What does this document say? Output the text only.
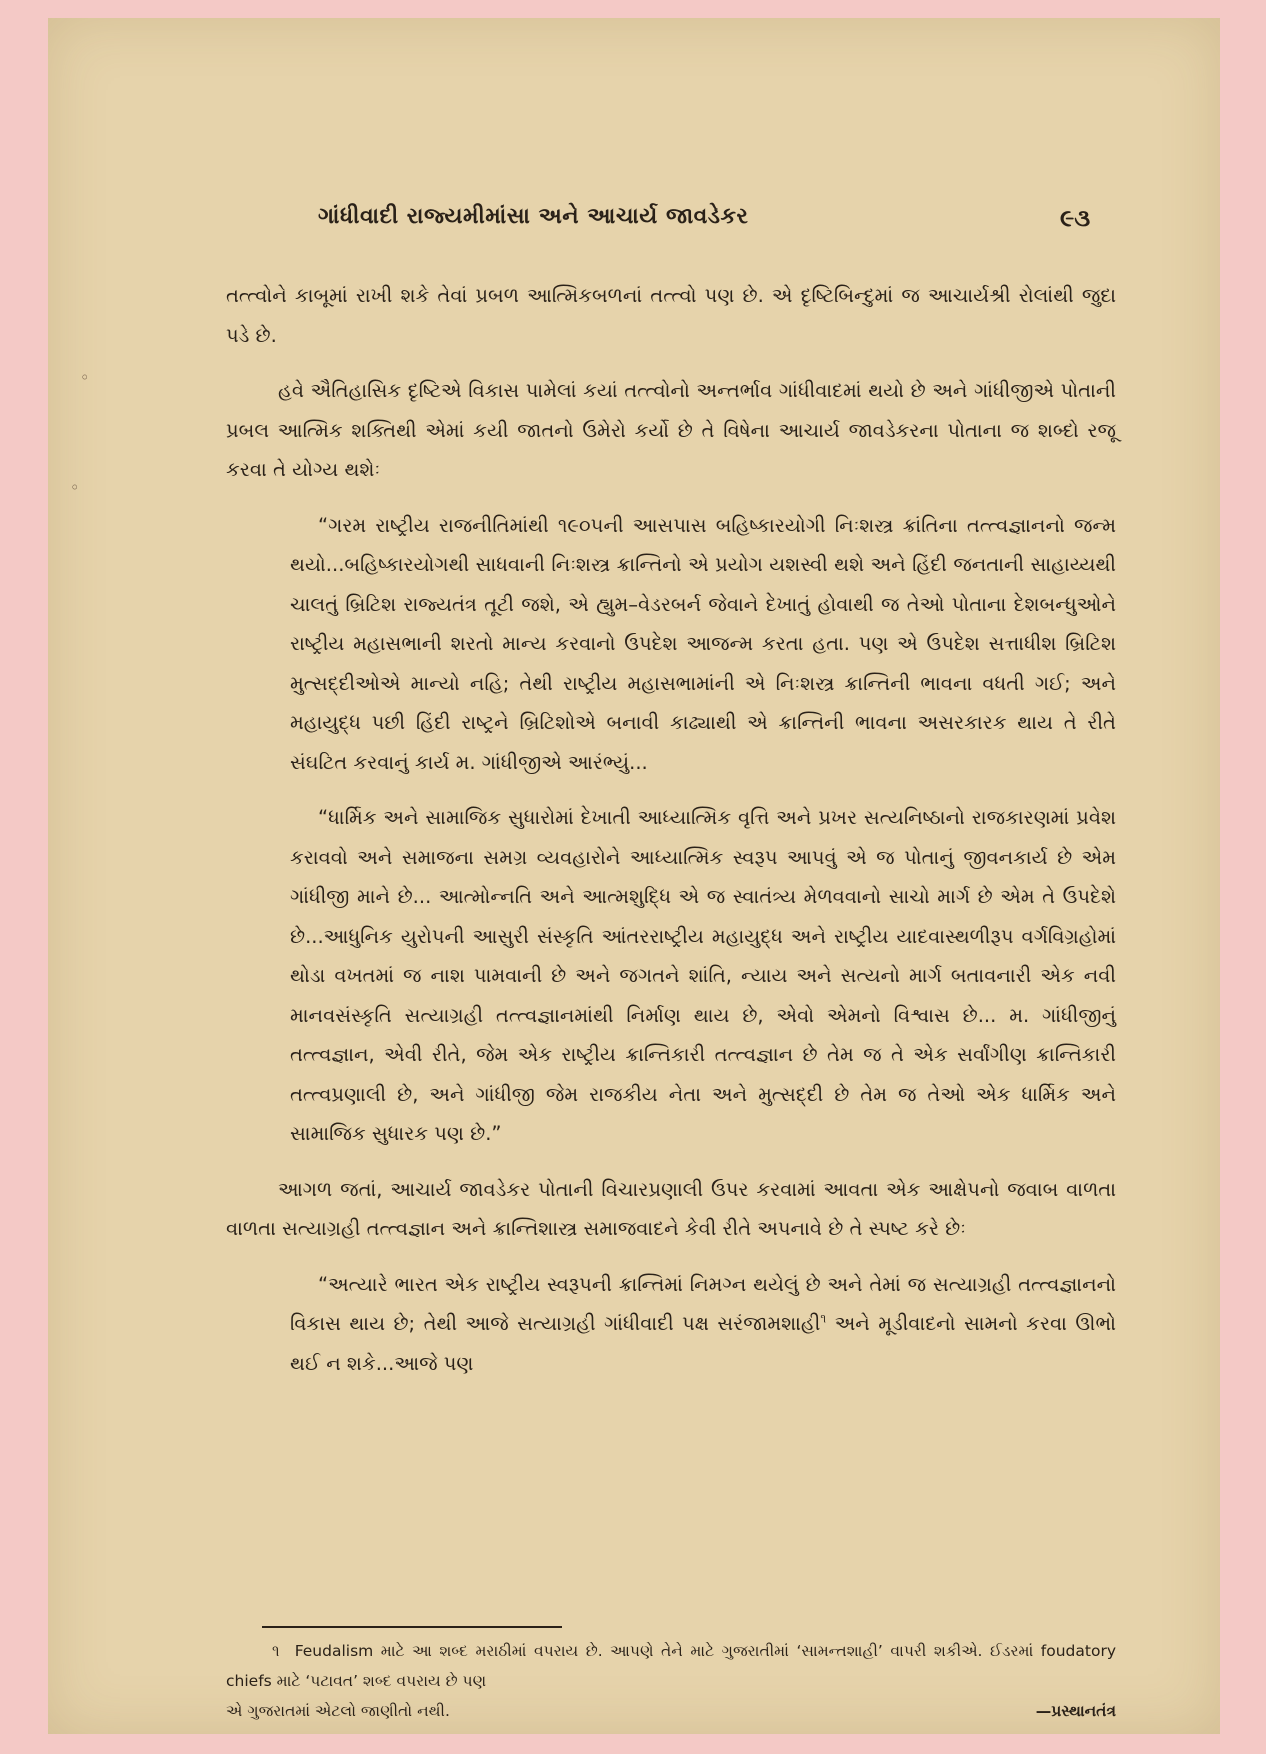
◦
◦
ગાંધીવાદી રાજ્યમીમાંસા અને આચાર્ય જાવડેકર	૯૩

તત્ત્વોને કાબૂમાં રાખી શકે તેવાં પ્રબળ આત્મિકબળનાં તત્ત્વો પણ છે. એ દૃષ્ટિબિન્દુમાં જ આચાર્યશ્રી રોલાંથી જુદા પડે છે.

હવે ઐતિહાસિક દૃષ્ટિએ વિકાસ પામેલાં કયાં તત્ત્વોનો અન્તર્ભાવ ગાંધીવાદમાં થયો છે અને ગાંધીજીએ પોતાની પ્રબલ આત્મિક શક્તિથી એમાં કયી જાતનો ઉમેરો કર્યો છે તે વિષેના આચાર્ય જાવડેકરના પોતાના જ શબ્દો રજૂ કરવા તે યોગ્ય થશેઃ

“ગરમ રાષ્ટ્રીય રાજનીતિમાંથી ૧૯૦૫ની આસપાસ બહિષ્કારયોગી નિઃશસ્ત્ર ક્રાંતિના તત્ત્વજ્ઞાનનો જન્મ થયો...બહિષ્કારયોગથી સાધવાની નિઃશસ્ત્ર ક્રાન્તિનો એ પ્રયોગ યશસ્વી થશે અને હિંદી જનતાની સાહાય્યથી ચાલતું બ્રિટિશ રાજ્યતંત્ર તૂટી જશે, એ હ્યુમ–વેડરબર્ન જેવાને દેખાતું હોવાથી જ તેઓ પોતાના દેશબન્ધુઓને રાષ્ટ્રીય મહાસભાની શરતો માન્ય કરવાનો ઉપદેશ આજન્મ કરતા હતા. પણ એ ઉપદેશ સત્તાધીશ બ્રિટિશ મુત્સદ્દીઓએ માન્યો નહિ; તેથી રાષ્ટ્રીય મહાસભામાંની એ નિઃશસ્ત્ર ક્રાન્તિની ભાવના વધતી ગઈ; અને મહાયુદ્ધ પછી હિંદી રાષ્ટ્રને બ્રિટિશોએ બનાવી કાઢ્યાથી એ ક્રાન્તિની ભાવના અસરકારક થાય તે રીતે સંઘટિત કરવાનું કાર્ય મ. ગાંધીજીએ આરંભ્યું...

“ધાર્મિક અને સામાજિક સુધારોમાં દેખાતી આધ્યાત્મિક વૃત્તિ અને પ્રખર સત્યનિષ્ઠાનો રાજકારણમાં પ્રવેશ કરાવવો અને સમાજના સમગ્ર વ્યવહારોને આધ્યાત્મિક સ્વરૂપ આપવું એ જ પોતાનું જીવનકાર્ય છે એમ ગાંધીજી માને છે... આત્મોન્નતિ અને આત્મશુદ્ધિ એ જ સ્વાતંત્ર્ય મેળવવાનો સાચો માર્ગ છે એમ તે ઉપદેશે છે...આધુનિક યુરોપની આસુરી સંસ્કૃતિ આંતરરાષ્ટ્રીય મહાયુદ્ધ અને રાષ્ટ્રીય યાદવાસ્થળીરૂપ વર્ગવિગ્રહોમાં થોડા વખતમાં જ નાશ પામવાની છે અને જગતને શાંતિ, ન્યાય અને સત્યનો માર્ગ બતાવનારી એક નવી માનવસંસ્કૃતિ સત્યાગ્રહી તત્ત્વજ્ઞાનમાંથી નિર્માણ થાય છે, એવો એમનો વિશ્વાસ છે... મ. ગાંધીજીનું તત્ત્વજ્ઞાન, એવી રીતે, જેમ એક રાષ્ટ્રીય ક્રાન્તિકારી તત્ત્વજ્ઞાન છે તેમ જ તે એક સર્વાંગીણ ક્રાન્તિકારી તત્ત્વપ્રણાલી છે, અને ગાંધીજી જેમ રાજકીય નેતા અને મુત્સદ્દી છે તેમ જ તેઓ એક ધાર્મિક અને સામાજિક સુધારક પણ છે.”

આગળ જતાં, આચાર્ય જાવડેકર પોતાની વિચારપ્રણાલી ઉપર કરવામાં આવતા એક આક્ષેપનો જવાબ વાળતા વાળતા સત્યાગ્રહી તત્ત્વજ્ઞાન અને ક્રાન્તિશાસ્ત્ર સમાજવાદને કેવી રીતે અપનાવે છે તે સ્પષ્ટ કરે છેઃ

“અત્યારે ભારત એક રાષ્ટ્રીય સ્વરૂપની ક્રાન્તિમાં નિમગ્ન થયેલું છે અને તેમાં જ સત્યાગ્રહી તત્ત્વજ્ઞાનનો વિકાસ થાય છે; તેથી આજે સત્યાગ્રહી ગાંધીવાદી પક્ષ સરંજામશાહી$^૧$ અને મૂડીવાદનો સામનો કરવા ઊભો થઈ ન શકે...આજે પણ

૧ Feudalism માટે આ શબ્દ મરાઠીમાં વપરાય છે. આપણે તેને માટે ગુજરાતીમાં ‘સામન્તશાહી’ વાપરી શકીએ. ઈડરમાં foudatory chiefs માટે ‘પટાવત’ શબ્દ વપરાય છે પણ

એ ગુજરાતમાં એટલો જાણીતો નથી.	—પ્રસ્થાનતંત્ર
